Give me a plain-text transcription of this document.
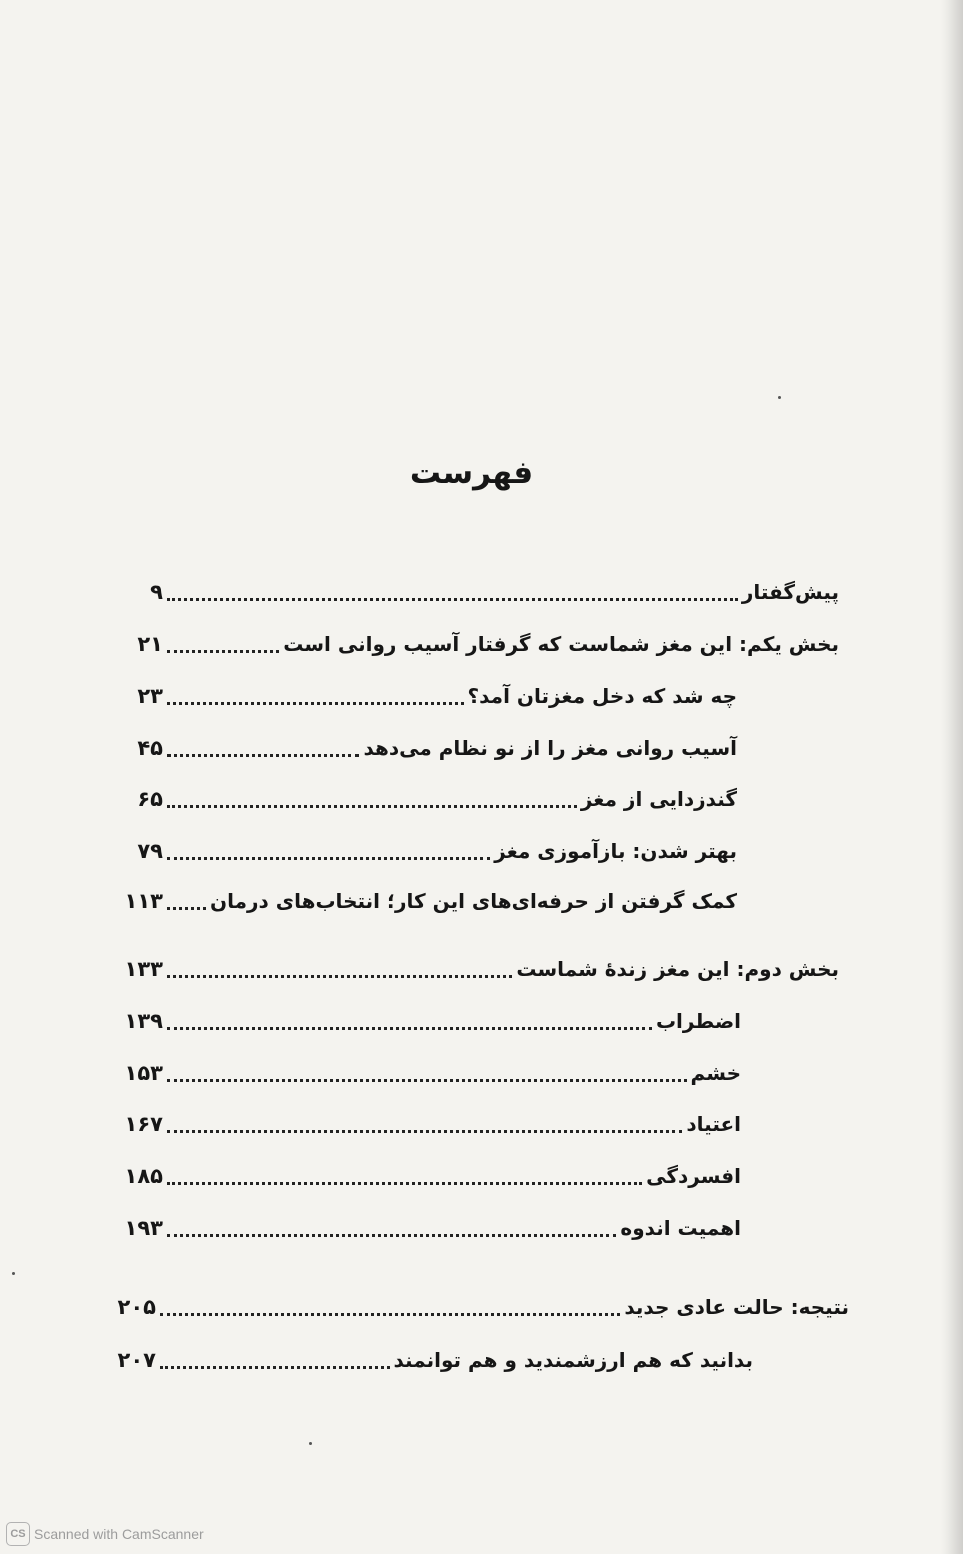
فهرست
پیش‌گفتار
۹
بخش یکم: این مغز شماست که گرفتار آسیب روانی است
۲۱
چه شد که دخل مغزتان آمد؟
۲۳
آسیب روانی مغز را از نو نظام می‌دهد
۴۵
گندزدایی از مغز
۶۵
بهتر شدن: بازآموزی مغز
۷۹
کمک گرفتن از حرفه‌ای‌های این کار؛ انتخاب‌های درمان
۱۱۳
بخش دوم: این مغز زندهٔ شماست
۱۳۳
اضطراب
۱۳۹
خشم
۱۵۳
اعتیاد
۱۶۷
افسردگی
۱۸۵
اهمیت اندوه
۱۹۳
نتیجه: حالت عادی جدید
۲۰۵
بدانید که هم ارزشمندید و هم توانمند
۲۰۷
CS Scanned with CamScanner
